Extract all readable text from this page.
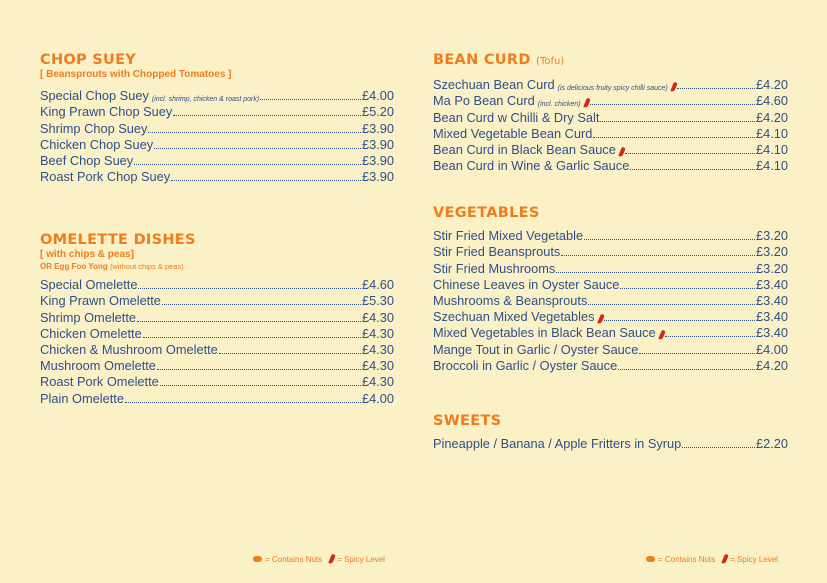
CHOP SUEY
[ Beansprouts with Chopped Tomatoes ]
Special Chop Suey (incl. shrimp, chicken & roast pork)	£4.00
King Prawn Chop Suey	£5.20
Shrimp Chop Suey	£3.90
Chicken Chop Suey	£3.90
Beef Chop Suey	£3.90
Roast Pork Chop Suey	£3.90
OMELETTE DISHES
[ with chips & peas]
OR Egg Foo Yong (without chips & peas)
Special Omelette	£4.60
King Prawn Omelette	£5.30
Shrimp Omelette	£4.30
Chicken Omelette	£4.30
Chicken & Mushroom Omelette	£4.30
Mushroom Omelette	£4.30
Roast Pork Omelette	£4.30
Plain Omelette	£4.00
= Contains Nuts = Spicy Level
BEAN CURD (Tofu)
Szechuan Bean Curd (is delicious fruity spicy chilli sauce)	£4.20
Ma Po Bean Curd (incl. chicken)	£4.60
Bean Curd w Chilli & Dry Salt	£4.20
Mixed Vegetable Bean Curd	£4.10
Bean Curd in Black Bean Sauce	£4.10
Bean Curd in Wine & Garlic Sauce	£4.10
VEGETABLES
Stir Fried Mixed Vegetable	£3.20
Stir Fried Beansprouts	£3.20
Stir Fried Mushrooms	£3.20
Chinese Leaves in Oyster Sauce	£3.40
Mushrooms & Beansprouts	£3.40
Szechuan Mixed Vegetables	£3.40
Mixed Vegetables in Black Bean Sauce	£3.40
Mange Tout in Garlic / Oyster Sauce	£4.00
Broccoli in Garlic / Oyster Sauce	£4.20
SWEETS
Pineapple / Banana / Apple Fritters in Syrup	£2.20
= Contains Nuts = Spicy Level
